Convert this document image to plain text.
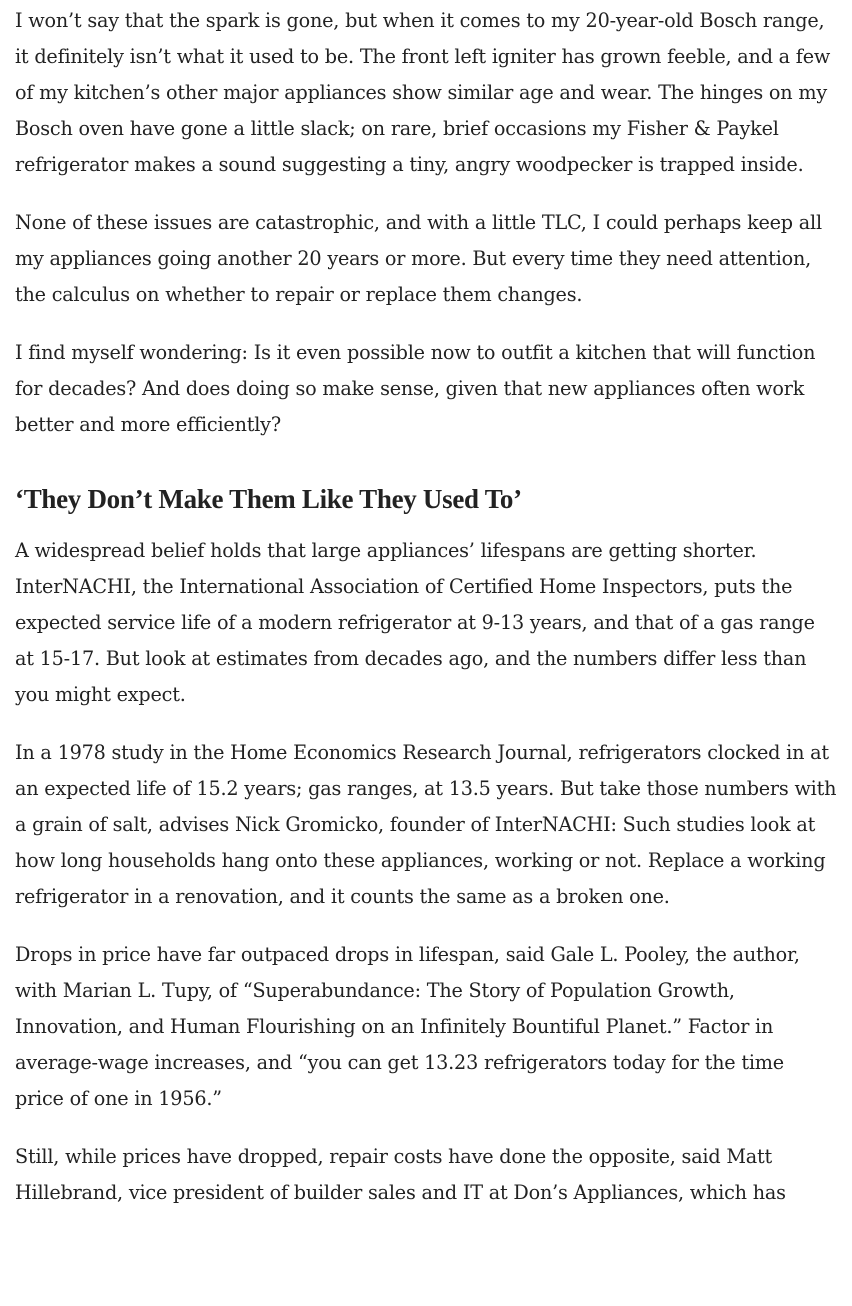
I won’t say that the spark is gone, but when it comes to my 20-year-old Bosch range, it definitely isn’t what it used to be. The front left igniter has grown feeble, and a few of my kitchen’s other major appliances show similar age and wear. The hinges on my Bosch oven have gone a little slack; on rare, brief occasions my Fisher & Paykel refrigerator makes a sound suggesting a tiny, angry woodpecker is trapped inside.

None of these issues are catastrophic, and with a little TLC, I could perhaps keep all my appliances going another 20 years or more. But every time they need attention, the calculus on whether to repair or replace them changes.

I find myself wondering: Is it even possible now to outfit a kitchen that will function for decades? And does doing so make sense, given that new appliances often work better and more efficiently?

‘They Don’t Make Them Like They Used To’

A widespread belief holds that large appliances’ lifespans are getting shorter. InterNACHI, the International Association of Certified Home Inspectors, puts the expected service life of a modern refrigerator at 9-13 years, and that of a gas range at 15-17. But look at estimates from decades ago, and the numbers differ less than you might expect.

In a 1978 study in the Home Economics Research Journal, refrigerators clocked in at an expected life of 15.2 years; gas ranges, at 13.5 years. But take those numbers with a grain of salt, advises Nick Gromicko, founder of InterNACHI: Such studies look at how long households hang onto these appliances, working or not. Replace a working refrigerator in a renovation, and it counts the same as a broken one.

Drops in price have far outpaced drops in lifespan, said Gale L. Pooley, the author, with Marian L. Tupy, of “Superabundance: The Story of Population Growth, Innovation, and Human Flourishing on an Infinitely Bountiful Planet.” Factor in average-wage increases, and “you can get 13.23 refrigerators today for the time price of one in 1956.”

Still, while prices have dropped, repair costs have done the opposite, said Matt Hillebrand, vice president of builder sales and IT at Don’s Appliances, which has
